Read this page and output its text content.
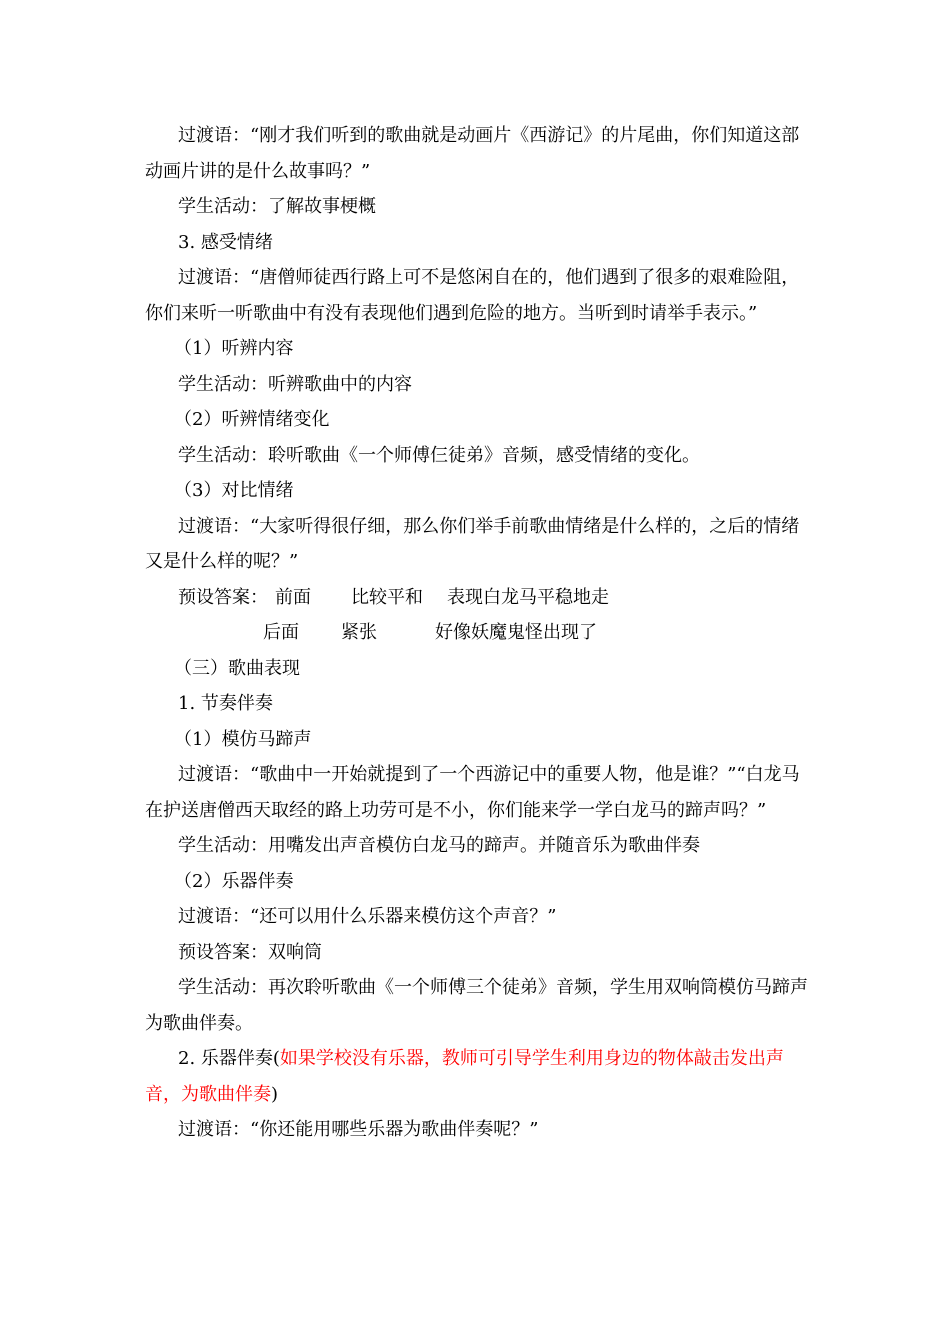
过渡语：“刚才我们听到的歌曲就是动画片《西游记》的片尾曲，你们知道这部动画片讲的是什么故事吗？”

学生活动：了解故事梗概

3. 感受情绪

过渡语：“唐僧师徒西行路上可不是悠闲自在的，他们遇到了很多的艰难险阻，你们来听一听歌曲中有没有表现他们遇到危险的地方。当听到时请举手表示。”

（1）听辨内容

学生活动：听辨歌曲中的内容

（2）听辨情绪变化

学生活动：聆听歌曲《一个师傅仨徒弟》音频，感受情绪的变化。

（3）对比情绪

过渡语：“大家听得很仔细，那么你们举手前歌曲情绪是什么样的，之后的情绪又是什么样的呢？”

预设答案： 前面 比较平和 表现白龙马平稳地走
后面 紧张	好像妖魔鬼怪出现了

（三）歌曲表现

1. 节奏伴奏

（1）模仿马蹄声

过渡语：“歌曲中一开始就提到了一个西游记中的重要人物，他是谁？”“白龙马在护送唐僧西天取经的路上功劳可是不小，你们能来学一学白龙马的蹄声吗？”

学生活动：用嘴发出声音模仿白龙马的蹄声。并随音乐为歌曲伴奏

（2）乐器伴奏

过渡语：“还可以用什么乐器来模仿这个声音？”

预设答案：双响筒

学生活动：再次聆听歌曲《一个师傅三个徒弟》音频，学生用双响筒模仿马蹄声为歌曲伴奏。

2. 乐器伴奏(如果学校没有乐器，教师可引导学生利用身边的物体敲击发出声音，为歌曲伴奏)

过渡语：“你还能用哪些乐器为歌曲伴奏呢？”
